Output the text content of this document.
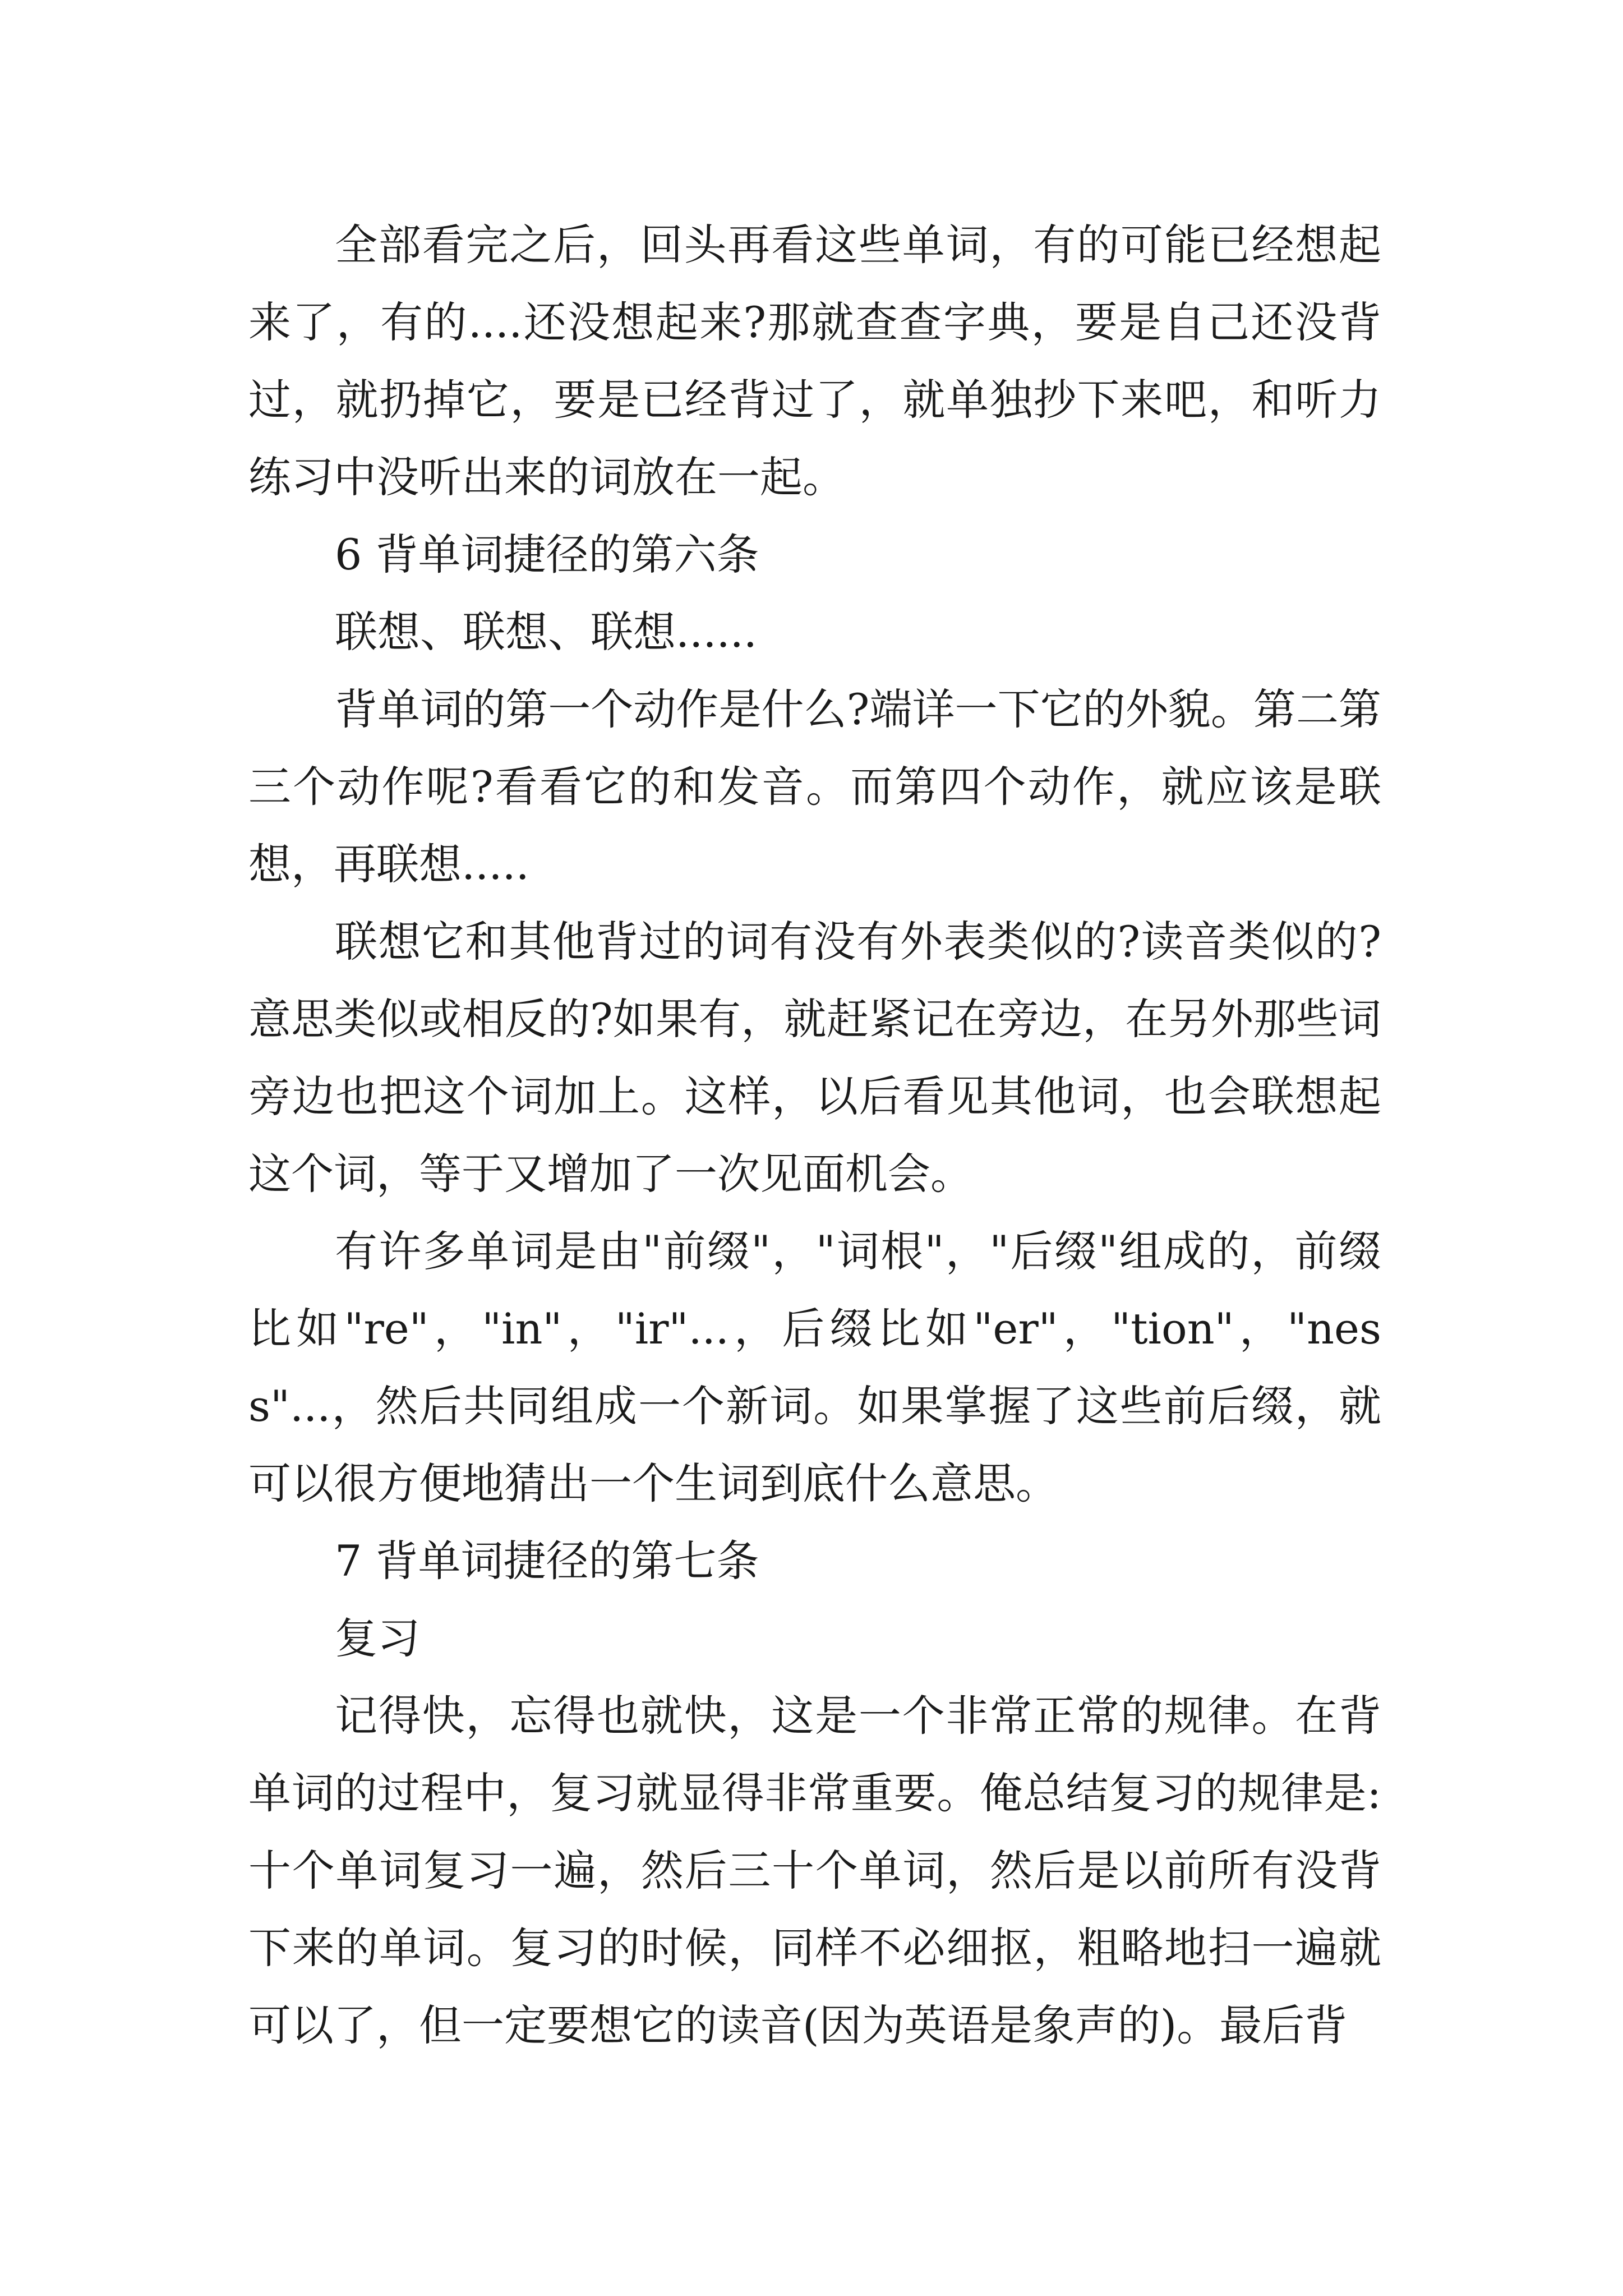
全部看完之后，回头再看这些单词，有的可能已经想起来了，有的....还没想起来?那就查查字典，要是自己还没背过，就扔掉它，要是已经背过了，就单独抄下来吧，和听力练习中没听出来的词放在一起。

6 背单词捷径的第六条

联想、联想、联想......

背单词的第一个动作是什么?端详一下它的外貌。第二第三个动作呢?看看它的和发音。而第四个动作，就应该是联想，再联想.....

联想它和其他背过的词有没有外表类似的?读音类似的?意思类似或相反的?如果有，就赶紧记在旁边，在另外那些词旁边也把这个词加上。这样，以后看见其他词，也会联想起这个词，等于又增加了一次见面机会。

有许多单词是由"前缀"，"词根"，"后缀"组成的，前缀比如"re"，"in"，"ir"...，后缀比如"er"，"tion"，"ness"...，然后共同组成一个新词。如果掌握了这些前后缀，就可以很方便地猜出一个生词到底什么意思。

7 背单词捷径的第七条

复习

记得快，忘得也就快，这是一个非常正常的规律。在背单词的过程中，复习就显得非常重要。俺总结复习的规律是:十个单词复习一遍，然后三十个单词，然后是以前所有没背下来的单词。复习的时候，同样不必细抠，粗略地扫一遍就可以了，但一定要想它的读音(因为英语是象声的)。最后背
